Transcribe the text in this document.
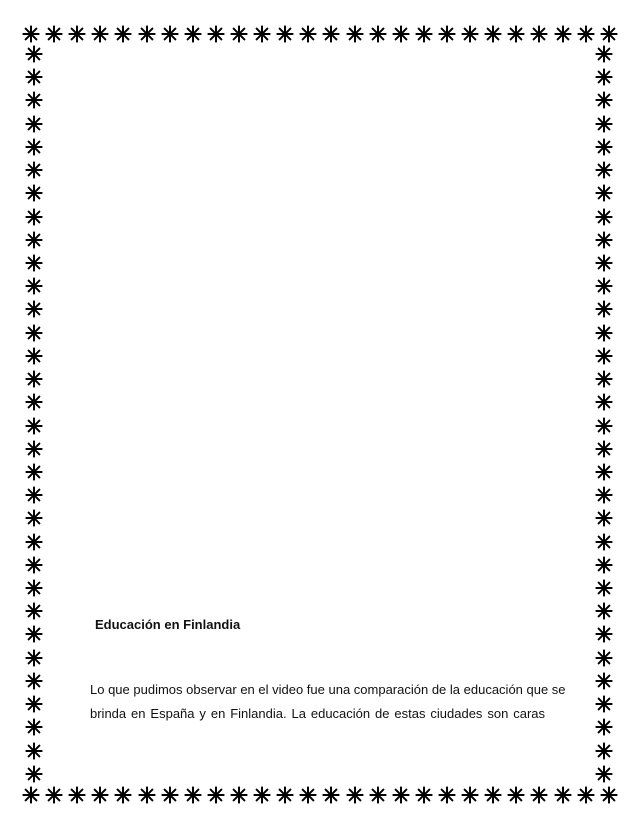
Educación en Finlandia

Lo que pudimos observar en el video fue una comparación de la educación que se
brinda en España y en Finlandia. La educación de estas ciudades son caras
